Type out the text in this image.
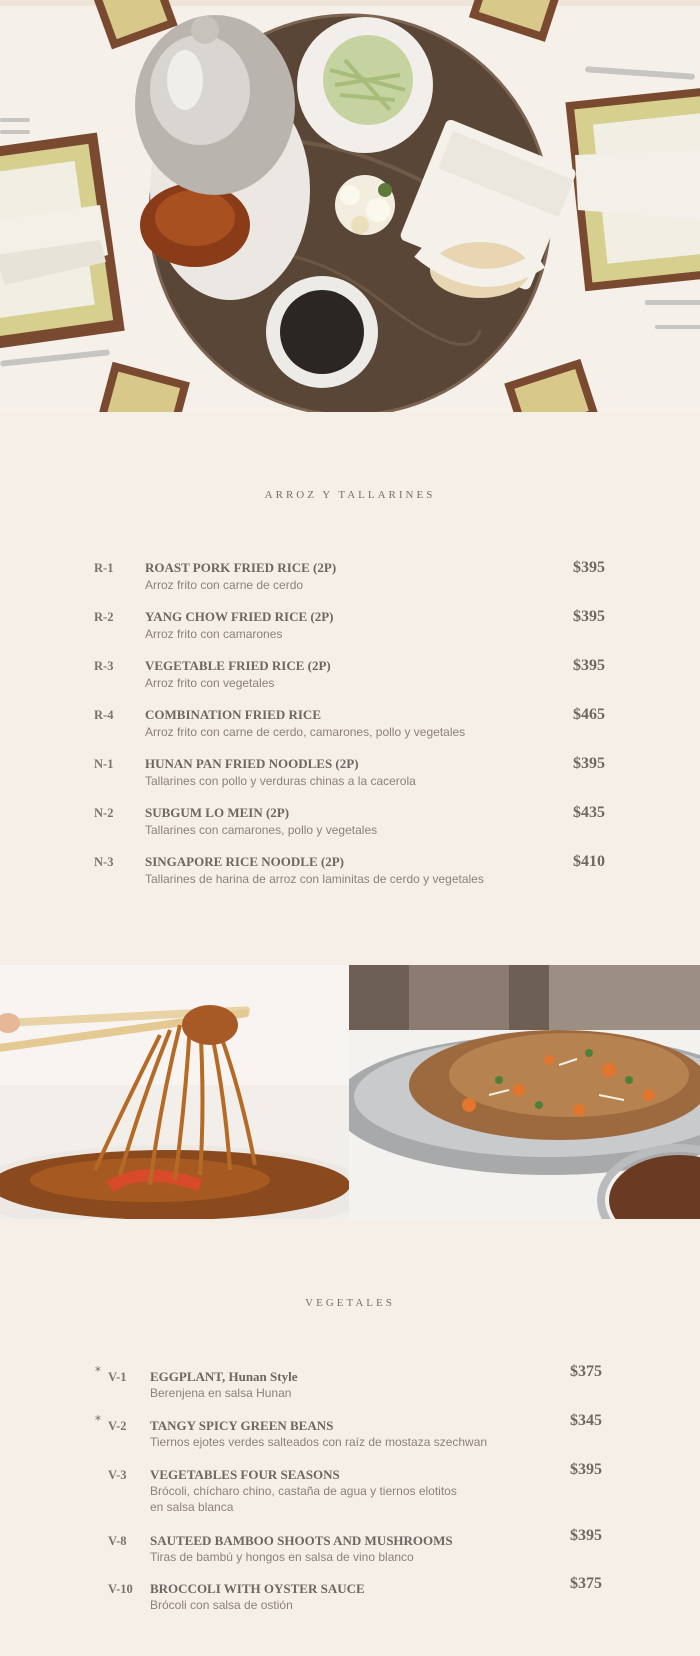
ARROZ Y TALLARINES
R-1 ROAST PORK FRIED RICE (2P)
Arroz frito con carne de cerdo
$395
R-2 YANG CHOW FRIED RICE (2P)
Arroz frito con camarones
$395
R-3 VEGETABLE FRIED RICE (2P)
Arroz frito con vegetales
$395
R-4 COMBINATION FRIED RICE
Arroz frito con carne de cerdo, camarones, pollo y vegetales
$465
N-1 HUNAN PAN FRIED NOODLES (2P)
Tallarines con pollo y verduras chinas a la cacerola
$395
N-2 SUBGUM LO MEIN (2P)
Tallarines con camarones, pollo y vegetales
$435
N-3 SINGAPORE RICE NOODLE (2P)
Tallarines de harina de arroz con laminitas de cerdo y vegetales
$410
VEGETALES
* V-1 EGGPLANT, Hunan Style
Berenjena en salsa Hunan
$375
* V-2 TANGY SPICY GREEN BEANS
Tiernos ejotes verdes salteados con raíz de mostaza szechwan
$345
V-3 VEGETABLES FOUR SEASONS
Brócoli, chícharo chino, castaña de agua y tiernos elotitos
en salsa blanca
$395
V-8 SAUTEED BAMBOO SHOOTS AND MUSHROOMS
Tiras de bambú y hongos en salsa de vino blanco
$395
V-10 BROCCOLI WITH OYSTER SAUCE
Brócoli con salsa de ostión
$375
